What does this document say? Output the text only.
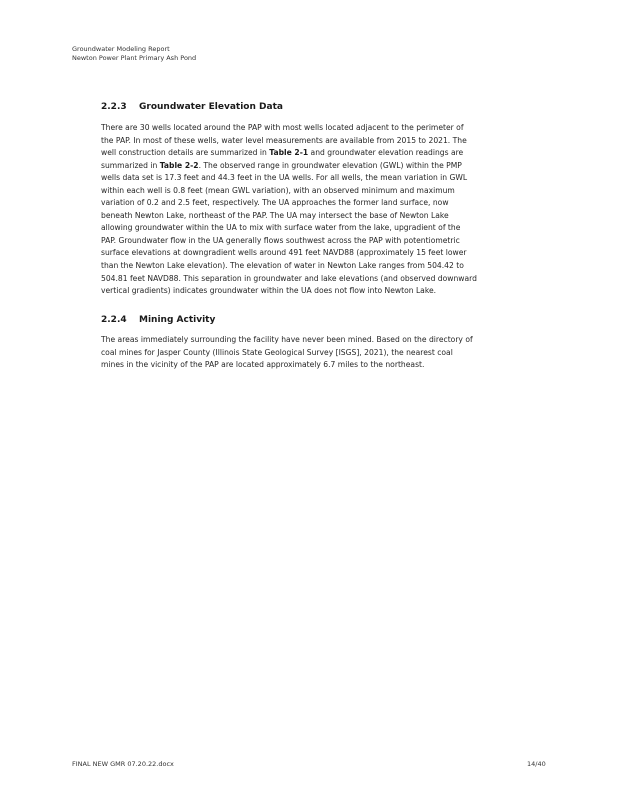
Groundwater Modeling Report
Newton Power Plant Primary Ash Pond
2.2.3 Groundwater Elevation Data

There are 30 wells located around the PAP with most wells located adjacent to the perimeter of
the PAP. In most of these wells, water level measurements are available from 2015 to 2021. The
well construction details are summarized in Table 2-1 and groundwater elevation readings are
summarized in Table 2-2. The observed range in groundwater elevation (GWL) within the PMP
wells data set is 17.3 feet and 44.3 feet in the UA wells. For all wells, the mean variation in GWL
within each well is 0.8 feet (mean GWL variation), with an observed minimum and maximum
variation of 0.2 and 2.5 feet, respectively. The UA approaches the former land surface, now
beneath Newton Lake, northeast of the PAP. The UA may intersect the base of Newton Lake
allowing groundwater within the UA to mix with surface water from the lake, upgradient of the
PAP. Groundwater flow in the UA generally flows southwest across the PAP with potentiometric
surface elevations at downgradient wells around 491 feet NAVD88 (approximately 15 feet lower
than the Newton Lake elevation). The elevation of water in Newton Lake ranges from 504.42 to
504.81 feet NAVD88. This separation in groundwater and lake elevations (and observed downward
vertical gradients) indicates groundwater within the UA does not flow into Newton Lake.

2.2.4 Mining Activity

The areas immediately surrounding the facility have never been mined. Based on the directory of
coal mines for Jasper County (Illinois State Geological Survey [ISGS], 2021), the nearest coal
mines in the vicinity of the PAP are located approximately 6.7 miles to the northeast.

FINAL NEW GMR 07.20.22.docx	14/40
